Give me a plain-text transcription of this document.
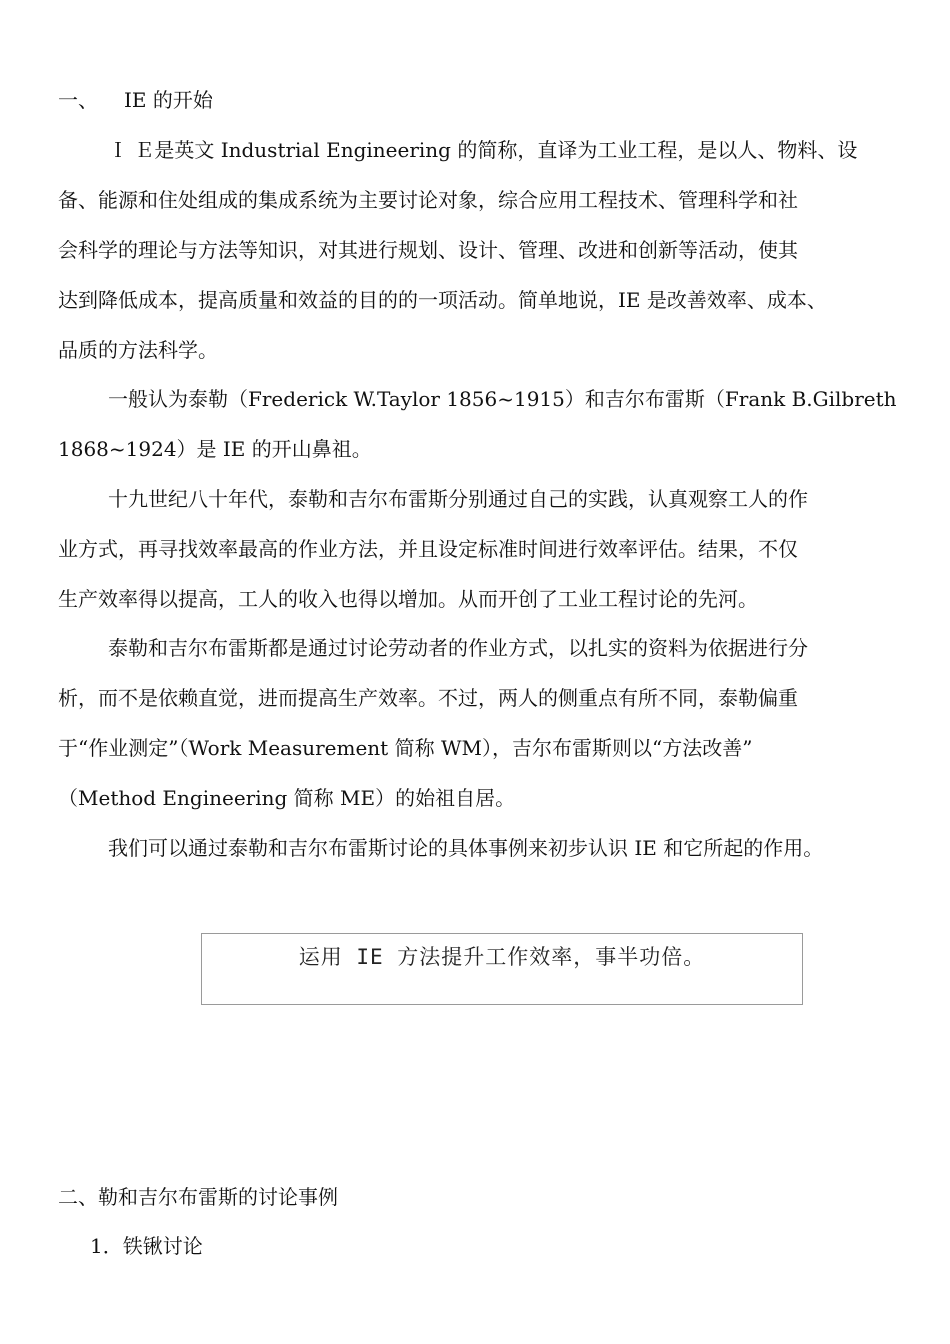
一、 IE 的开始
Ｉ Ｅ是英文 Industrial Engineering 的简称，直译为工业工程，是以人、物料、设
备、能源和住处组成的集成系统为主要讨论对象，综合应用工程技术、管理科学和社
会科学的理论与方法等知识，对其进行规划、设计、管理、改进和创新等活动，使其
达到降低成本，提高质量和效益的目的的一项活动。简单地说，IE 是改善效率、成本、
品质的方法科学。
一般认为泰勒（Frederick W.Taylor 1856~1915）和吉尔布雷斯（Frank B.Gilbreth
1868~1924）是 IE 的开山鼻祖。
十九世纪八十年代，泰勒和吉尔布雷斯分别通过自己的实践，认真观察工人的作
业方式，再寻找效率最高的作业方法，并且设定标准时间进行效率评估。结果，不仅
生产效率得以提高，工人的收入也得以增加。从而开创了工业工程讨论的先河。
泰勒和吉尔布雷斯都是通过讨论劳动者的作业方式，以扎实的资料为依据进行分
析，而不是依赖直觉，进而提高生产效率。不过，两人的侧重点有所不同，泰勒偏重
于“作业测定”（Work Measurement 简称 WM），吉尔布雷斯则以“方法改善”
（Method Engineering 简称 ME）的始祖自居。
我们可以通过泰勒和吉尔布雷斯讨论的具体事例来初步认识 IE 和它所起的作用。
运用 IE 方法提升工作效率，事半功倍。
二、勒和吉尔布雷斯的讨论事例
1．铁锹讨论
